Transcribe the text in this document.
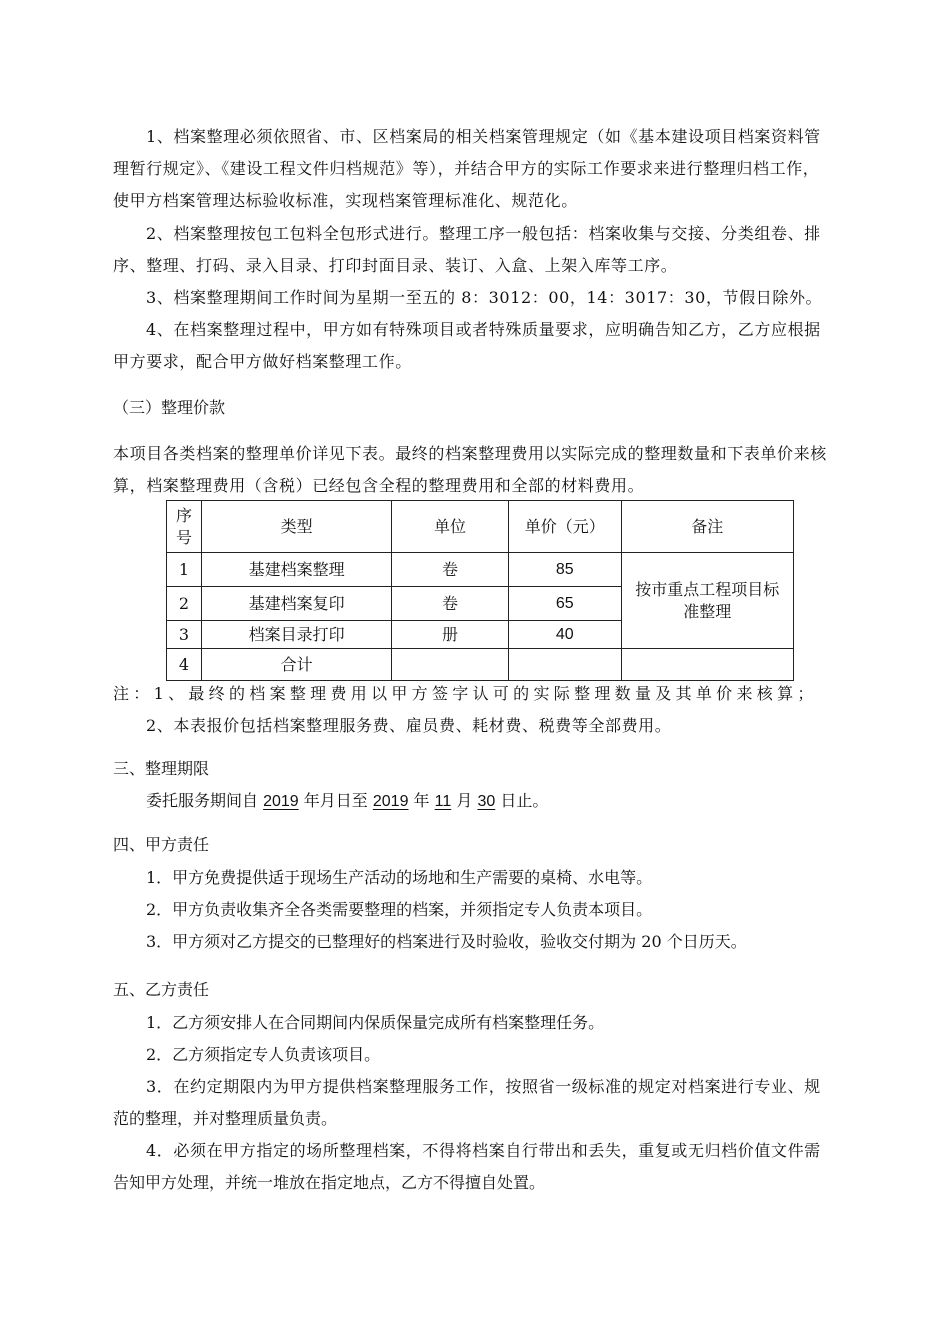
1、档案整理必须依照省、市、区档案局的相关档案管理规定（如《基本建设项目档案资料管
理暂行规定》、《建设工程文件归档规范》等），并结合甲方的实际工作要求来进行整理归档工作，
使甲方档案管理达标验收标准，实现档案管理标准化、规范化。
2、档案整理按包工包料全包形式进行。整理工序一般包括：档案收集与交接、分类组卷、排
序、整理、打码、录入目录、打印封面目录、装订、入盒、上架入库等工序。
3、档案整理期间工作时间为星期一至五的 8：3012：00，14：3017：30，节假日除外。
4、在档案整理过程中，甲方如有特殊项目或者特殊质量要求，应明确告知乙方，乙方应根据
甲方要求，配合甲方做好档案整理工作。
（三）整理价款
本项目各类档案的整理单价详见下表。最终的档案整理费用以实际完成的整理数量和下表单价来核
算，档案整理费用（含税）已经包含全程的整理费用和全部的材料费用。
序
号	类型	单位	单价（元）	备注
1	基建档案整理	卷	85	按市重点工程项目标
准整理

2	基建档案复印	卷	65	
3	档案目录打印	册	40	
4	合计			
注：1、最终的档案整理费用以甲方签字认可的实际整理数量及其单价来核算；
2、本表报价包括档案整理服务费、雇员费、耗材费、税费等全部费用。
三、整理期限
委托服务期间自 2019 年月日至 2019 年 11 月 30 日止。
四、甲方责任
1．甲方免费提供适于现场生产活动的场地和生产需要的桌椅、水电等。
2．甲方负责收集齐全各类需要整理的档案，并须指定专人负责本项目。
3．甲方须对乙方提交的已整理好的档案进行及时验收，验收交付期为 20 个日历天。
五、乙方责任
1．乙方须安排人在合同期间内保质保量完成所有档案整理任务。
2．乙方须指定专人负责该项目。
3．在约定期限内为甲方提供档案整理服务工作，按照省一级标准的规定对档案进行专业、规
范的整理，并对整理质量负责。
4．必须在甲方指定的场所整理档案，不得将档案自行带出和丢失，重复或无归档价值文件需
告知甲方处理，并统一堆放在指定地点，乙方不得擅自处置。
